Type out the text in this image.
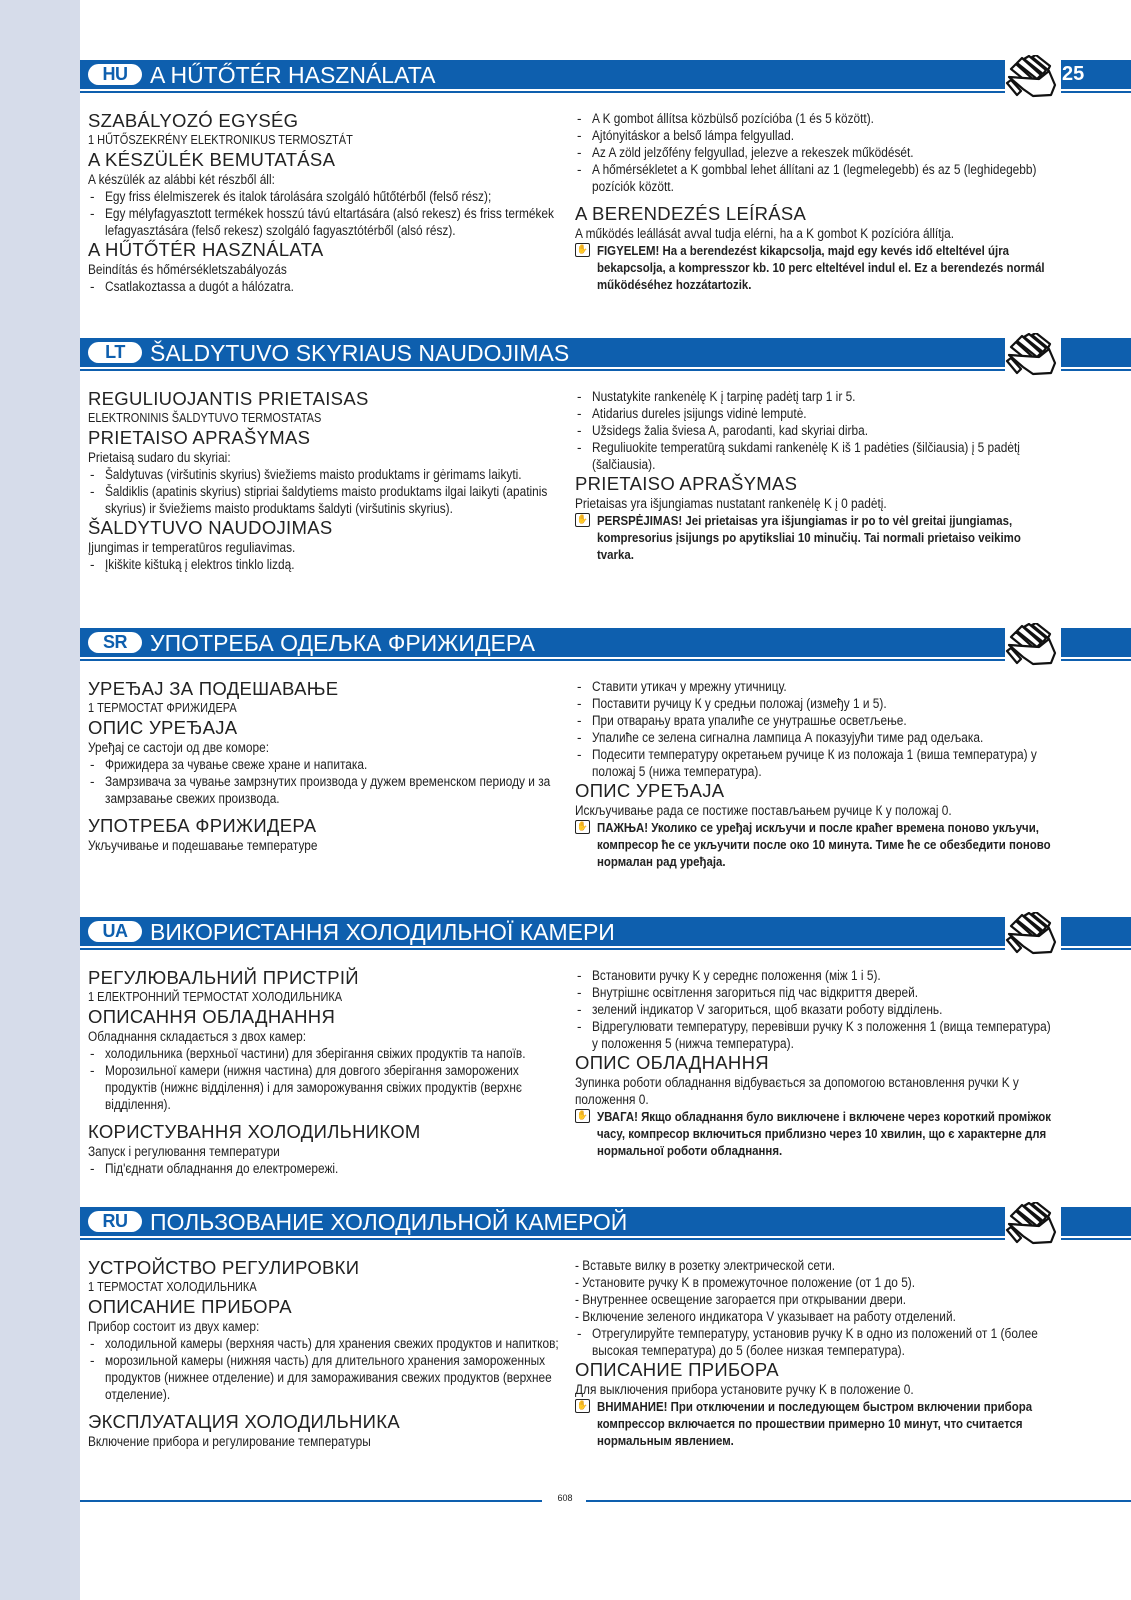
HU A HŰTŐTÉR HASZNÁLATA	25
SZABÁLYOZÓ EGYSÉG
1 HŰTŐSZEKRÉNY ELEKTRONIKUS TERMOSZTÁT
A KÉSZÜLÉK BEMUTATÁSA
A készülék az alábbi két részből áll:
- Egy friss élelmiszerek és italok tárolására szolgáló hűtőtérből (felső rész);
- Egy mélyfagyasztott termékek hosszú távú eltartására (alsó rekesz) és friss termékek lefagyasztására (felső rekesz) szolgáló fagyasztótérből (alsó rész).
A HŰTŐTÉR HASZNÁLATA
Beindítás és hőmérsékletszabályozás
- Csatlakoztassa a dugót a hálózatra.
- A K gombot állítsa közbülső pozícióba (1 és 5 között).
- Ajtónyitáskor a belső lámpa felgyullad.
- Az A zöld jelzőfény felgyullad, jelezve a rekeszek működését.
- A hőmérsékletet a K gombbal lehet állítani az 1 (legmelegebb) és az 5 (leghidegebb) pozíciók között.
A BERENDEZÉS LEÍRÁSA
A működés leállását avval tudja elérni, ha a K gombot K pozícióra állítja.
✋ FIGYELEM! Ha a berendezést kikapcsolja, majd egy kevés idő elteltével újra bekapcsolja, a kompresszor kb. 10 perc elteltével indul el. Ez a berendezés normál működéséhez hozzátartozik.
LT	ŠALDYTUVO SKYRIAUS NAUDOJIMAS
REGULIUOJANTIS PRIETAISAS
ELEKTRONINIS ŠALDYTUVO TERMOSTATAS
PRIETAISO APRAŠYMAS
Prietaisą sudaro du skyriai:
- Šaldytuvas (viršutinis skyrius) šviežiems maisto produktams ir gėrimams laikyti.
- Šaldiklis (apatinis skyrius) stipriai šaldytiems maisto produktams ilgai laikyti (apatinis skyrius) ir šviežiems maisto produktams šaldyti (viršutinis skyrius).
ŠALDYTUVO NAUDOJIMAS
Įjungimas ir temperatūros reguliavimas.
- Įkiškite kištuką į elektros tinklo lizdą.
- Nustatykite rankenėlę K į tarpinę padėtį tarp 1 ir 5.
- Atidarius dureles įsijungs vidinė lemputė.
- Užsidegs žalia šviesa A, parodanti, kad skyriai dirba.
- Reguliuokite temperatūrą sukdami rankenėlę K iš 1 padėties (šilčiausia) į 5 padėtį (šalčiausia).
PRIETAISO APRAŠYMAS
Prietaisas yra išjungiamas nustatant rankenėlę K į 0 padėtį.
✋ PERSPĖJIMAS! Jei prietaisas yra išjungiamas ir po to vėl greitai įjungiamas, kompresorius įsijungs po apytiksliai 10 minučių. Tai normali prietaiso veikimo tvarka.
SR	УПОТРЕБА ОДЕЉКА ФРИЖИДЕРА
УРЕЂАЈ ЗА ПОДЕШАВАЊЕ
1 ТЕРМОСТАТ ФРИЖИДЕРА
ОПИС УРЕЂАЈА
Уређај се састоји од две коморе:
- Фрижидера за чување свеже хране и напитака.
- Замрзивача за чување замрзнутих производа у дужем временском периоду и за замрзавање свежих производа.
УПОТРЕБА ФРИЖИДЕРА
Укључивање и подешавање температуре
- Ставити утикач у мрежну утичницу.
- Поставити ручицу К у средњи положај (између 1 и 5).
- При отварању врата упалиће се унутрашње осветљење.
- Упалиће се зелена сигнална лампица А показујући тиме рад одељака.
- Подесити температуру окретањем ручице К из положаја 1 (виша температура) у положај 5 (нижа температура).
ОПИС УРЕЂАЈА
Искључивање рада се постиже постављањем ручице К у положај 0.
✋ ПАЖЊА! Уколико се уређај искључи и после краћег времена поново укључи, компресор ће се укључити после око 10 минута. Тиме ће се обезбедити поново нормалан рад уређаја.
UA ВИКОРИСТАННЯ ХОЛОДИЛЬНОЇ КАМЕРИ
РЕГУЛЮВАЛЬНИЙ ПРИСТРІЙ
1 ЕЛЕКТРОННИЙ ТЕРМОСТАТ ХОЛОДИЛЬНИКА
ОПИСАННЯ ОБЛАДНАННЯ
Обладнання складається з двох камер:
- холодильника (верхньої частини) для зберігання свіжих продуктів та напоїв.
- Морозильної камери (нижня частина) для довгого зберігання заморожених продуктів (нижнє відділення) і для заморожування свіжих продуктів (верхнє відділення).
КОРИСТУВАННЯ ХОЛОДИЛЬНИКОМ
Запуск і регулювання температури
- Під'єднати обладнання до електромережі.
- Встановити ручку K у середнє положення (між 1 і 5).
- Внутрішнє освітлення загориться під час відкриття дверей.
- зелений індикатор V загориться, щоб вказати роботу відділень.
- Відрегулювати температуру, перевівши ручку K з положення 1 (вища температура) у положення 5 (нижча температура).
ОПИС ОБЛАДНАННЯ
Зупинка роботи обладнання відбувається за допомогою встановлення ручки K у положення 0.
✋ УВАГА! Якщо обладнання було виключене і включене через короткий проміжок часу, компресор включиться приблизно через 10 хвилин, що є характерне для нормальної роботи обладнання.
RU ПОЛЬЗОВАНИЕ ХОЛОДИЛЬНОЙ КАМЕРОЙ
УСТРОЙСТВО РЕГУЛИРОВКИ
1 ТЕРМОСТАТ ХОЛОДИЛЬНИКА
ОПИСАНИЕ ПРИБОРА
Прибор состоит из двух камер:
- холодильной камеры (верхняя часть) для хранения свежих продуктов и напитков;
- морозильной камеры (нижняя часть) для длительного хранения замороженных продуктов (нижнее отделение) и для замораживания свежих продуктов (верхнее отделение).
ЭКСПЛУАТАЦИЯ ХОЛОДИЛЬНИКА
Включение прибора и регулирование температуры
- Вставьте вилку в розетку электрической сети.
- Установите ручку K в промежуточное положение (от 1 до 5).
- Внутреннее освещение загорается при открывании двери.
- Включение зеленого индикатора V указывает на работу отделений.
- Отрегулируйте температуру, установив ручку K в одно из положений от 1 (более высокая температура) до 5 (более низкая температура).
ОПИСАНИЕ ПРИБОРА
Для выключения прибора установите ручку K в положение 0.
✋ ВНИМАНИЕ! При отключении и последующем быстром включении прибора компрессор включается по прошествии примерно 10 минут, что считается нормальным явлением.
608
